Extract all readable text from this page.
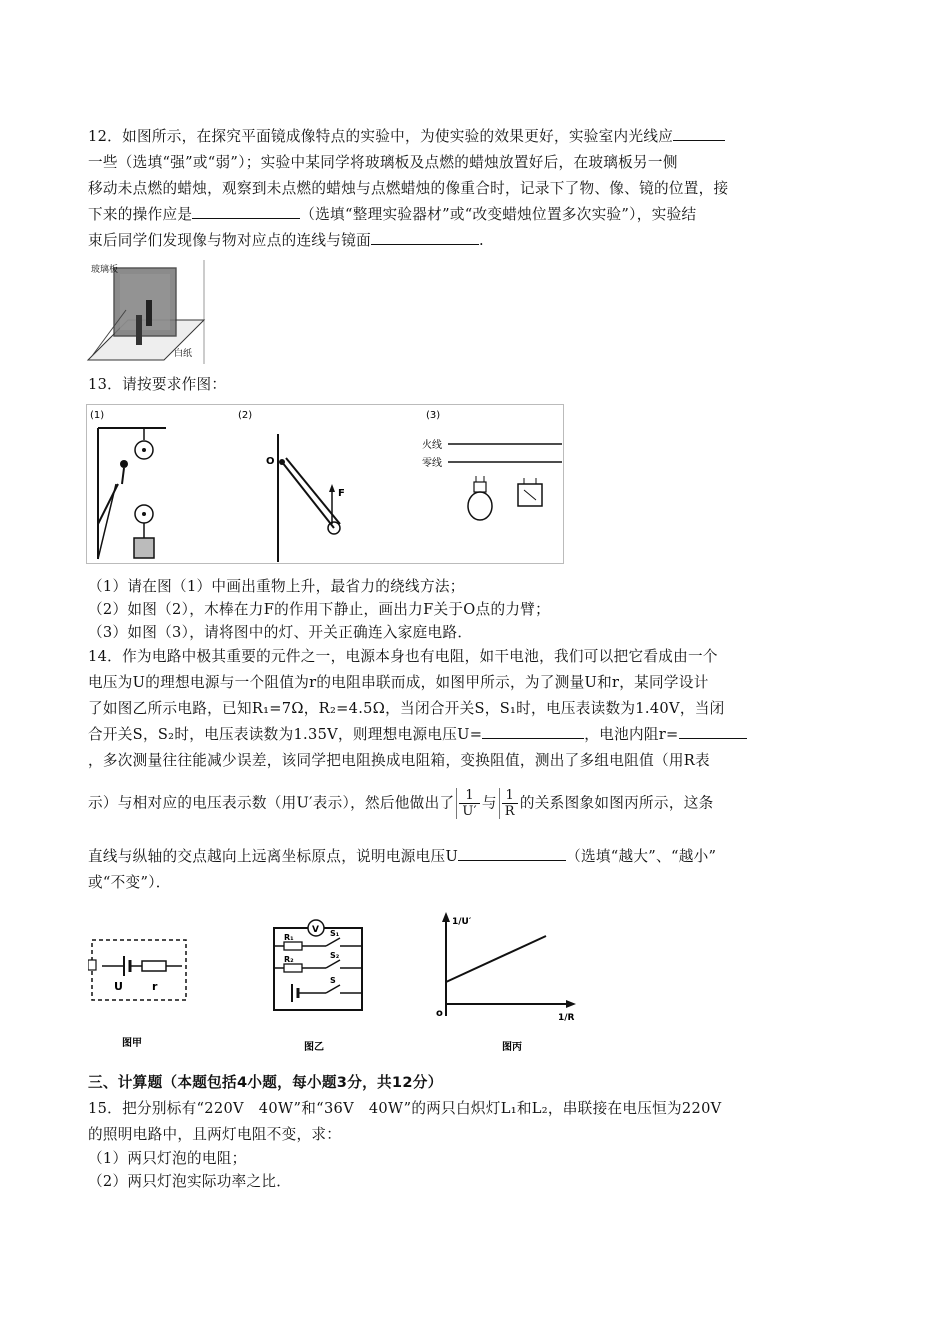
12．如图所示，在探究平面镜成像特点的实验中，为使实验的效果更好，实验室内光线应
一些（选填“强”或“弱”）；实验中某同学将玻璃板及点燃的蜡烛放置好后，在玻璃板另一侧
移动未点燃的蜡烛，观察到未点燃的蜡烛与点燃蜡烛的像重合时，记录下了物、像、镜的位置，接
下来的操作应是	（选填“整理实验器材”或“改变蜡烛位置多次实验”），实验结
束后同学们发现像与物对应点的连线与镜面	.
玻璃板
白纸
13．请按要求作图：
(1)	(2)
O
F
(3)
火线
零线
（1）请在图（1）中画出重物上升，最省力的绕线方法；
（2）如图（2），木棒在力F的作用下静止，画出力F关于O点的力臂；
（3）如图（3），请将图中的灯、开关正确连入家庭电路．
14．作为电路中极其重要的元件之一，电源本身也有电阻，如干电池，我们可以把它看成由一个
电压为U的理想电源与一个阻值为r的电阻串联而成，如图甲所示，为了测量U和r，某同学设计
了如图乙所示电路，已知R₁=7Ω，R₂=4.5Ω，当闭合开关S，S₁时，电压表读数为1.40V，当闭
合开关S，S₂时，电压表读数为1.35V，则理想电源电压U=	，电池内阻r=
，多次测量往往能减少误差，该同学把电阻换成电阻箱，变换阻值，测出了多组电阻值（用R表
示）与相对应的电压表示数（用U′表示），然后他做出了 $\frac{1}{U'}$ 与 $\frac{1}{R}$ 的关系图象如图丙所示，这条
直线与纵轴的交点越向上远离坐标原点，说明电源电压U	（选填“越大”、“越小”
或“不变”）．
U	r
图甲
V
R₁	S₁
R₂	S₂
S
图乙
1/U′
1/R
o
图丙
三、计算题（本题包括4小题，每小题3分，共12分）
15．把分别标有“220V　40W”和“36V　40W”的两只白炽灯L₁和L₂，串联接在电压恒为220V
的照明电路中，且两灯电阻不变，求：
（1）两只灯泡的电阻；
（2）两只灯泡实际功率之比．
